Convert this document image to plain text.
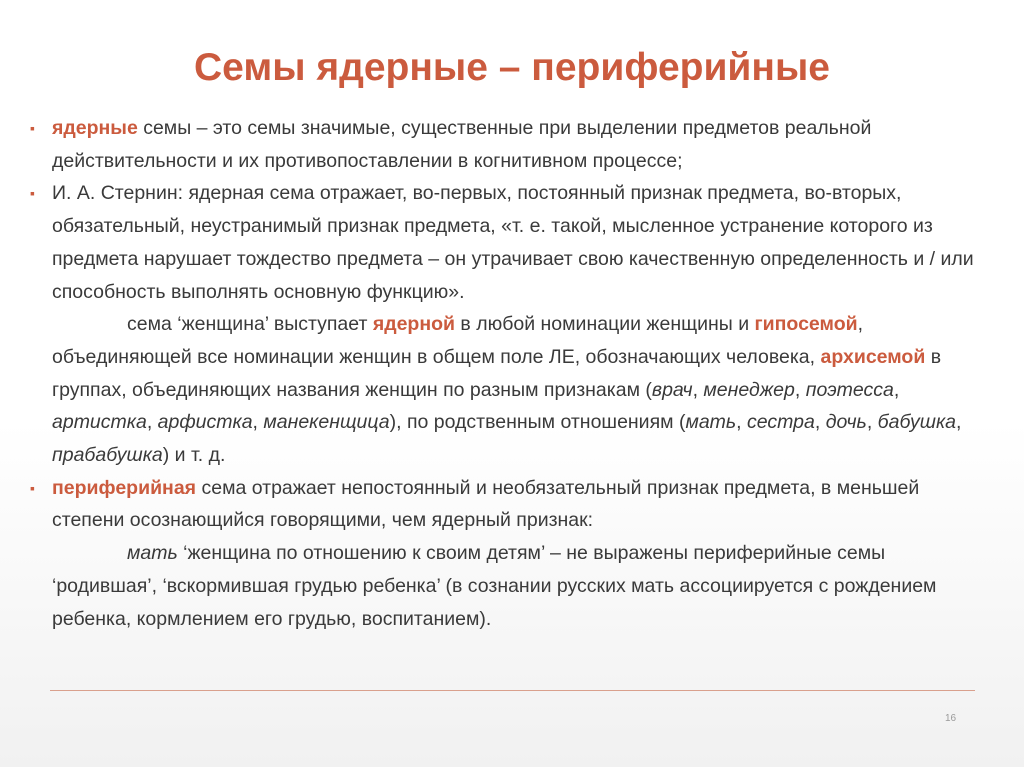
Семы ядерные – периферийные

▪ ядерные семы – это семы значимые, существенные при выделении предметов реальной действительности и их противопоставлении в когнитивном процессе;

▪ И. А. Стернин: ядерная сема отражает, во-первых, постоянный признак предмета, во-вторых, обязательный, неустранимый признак предмета, «т. е. такой, мысленное устранение которого из предмета нарушает тождество предмета – он утрачивает свою качественную определенность и / или способность выполнять основную функцию».

сема ‘женщина’ выступает ядерной в любой номинации женщины и гипосемой, объединяющей все номинации женщин в общем поле ЛЕ, обозначающих человека, архисемой в группах, объединяющих названия женщин по разным признакам (врач, менеджер, поэтесса, артистка, арфистка, манекенщица), по родственным отношениям (мать, сестра, дочь, бабушка, прабабушка) и т. д.

▪ периферийная сема отражает непостоянный и необязательный признак предмета, в меньшей степени осознающийся говорящими, чем ядерный признак:

мать ‘женщина по отношению к своим детям’ – не выражены периферийные семы ‘родившая’, ‘вскормившая грудью ребенка’ (в сознании русских мать ассоциируется с рождением ребенка, кормлением его грудью, воспитанием).

16
